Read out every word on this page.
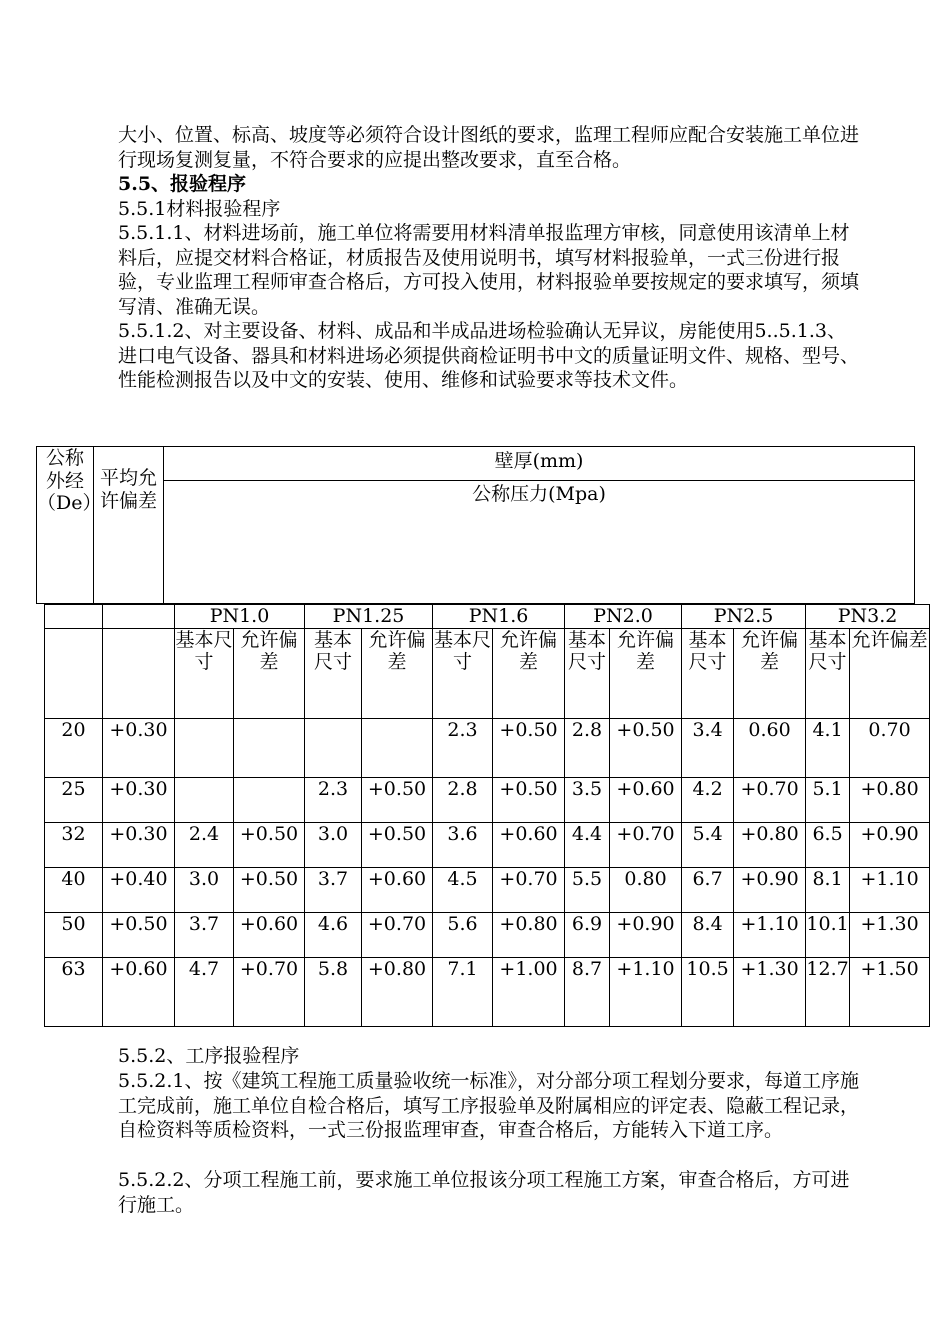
大小、位置、标高、坡度等必须符合设计图纸的要求，监理工程师应配合安装施工单位进行现场复测复量，不符合要求的应提出整改要求，直至合格。

5.5、报验程序

5.5.1材料报验程序

5.5.1.1、材料进场前，施工单位将需要用材料清单报监理方审核，同意使用该清单上材料后，应提交材料合格证，材质报告及使用说明书，填写材料报验单，一式三份进行报验，专业监理工程师审查合格后，方可投入使用，材料报验单要按规定的要求填写，须填写清、准确无误。

5.5.1.2、对主要设备、材料、成品和半成品进场检验确认无异议，房能使用5..5.1.3、进口电气设备、器具和材料进场必须提供商检证明书中文的质量证明文件、规格、型号、性能检测报告以及中文的安装、使用、维修和试验要求等技术文件。

公称外经（De）	平均允许偏差	壁厚(mm)
公称压力(Mpa)
		PN1.0		PN1.25		PN1.6		PN2.0		PN2.5		PN3.2	
		基本尺寸	允许偏差	基本尺寸	允许偏差	基本尺寸	允许偏差	基本尺寸	允许偏差	基本尺寸	允许偏差	基本尺寸	允许偏差
20	+0.30					2.3	+0.50	2.8	+0.50	3.4	0.60	4.1	0.70
25	+0.30			2.3	+0.50	2.8	+0.50	3.5	+0.60	4.2	+0.70	5.1	+0.80
32	+0.30	2.4	+0.50	3.0	+0.50	3.6	+0.60	4.4	+0.70	5.4	+0.80	6.5	+0.90
40	+0.40	3.0	+0.50	3.7	+0.60	4.5	+0.70	5.5	0.80	6.7	+0.90	8.1	+1.10
50	+0.50	3.7	+0.60	4.6	+0.70	5.6	+0.80	6.9	+0.90	8.4	+1.10	10.1	+1.30
63	+0.60	4.7	+0.70	5.8	+0.80	7.1	+1.00	8.7	+1.10	10.5	+1.30	12.7	+1.50

5.5.2、工序报验程序

5.5.2.1、按《建筑工程施工质量验收统一标准》，对分部分项工程划分要求，每道工序施工完成前，施工单位自检合格后，填写工序报验单及附属相应的评定表、隐蔽工程记录，自检资料等质检资料，一式三份报监理审查，审查合格后，方能转入下道工序。

5.5.2.2、分项工程施工前，要求施工单位报该分项工程施工方案，审查合格后，方可进行施工。
